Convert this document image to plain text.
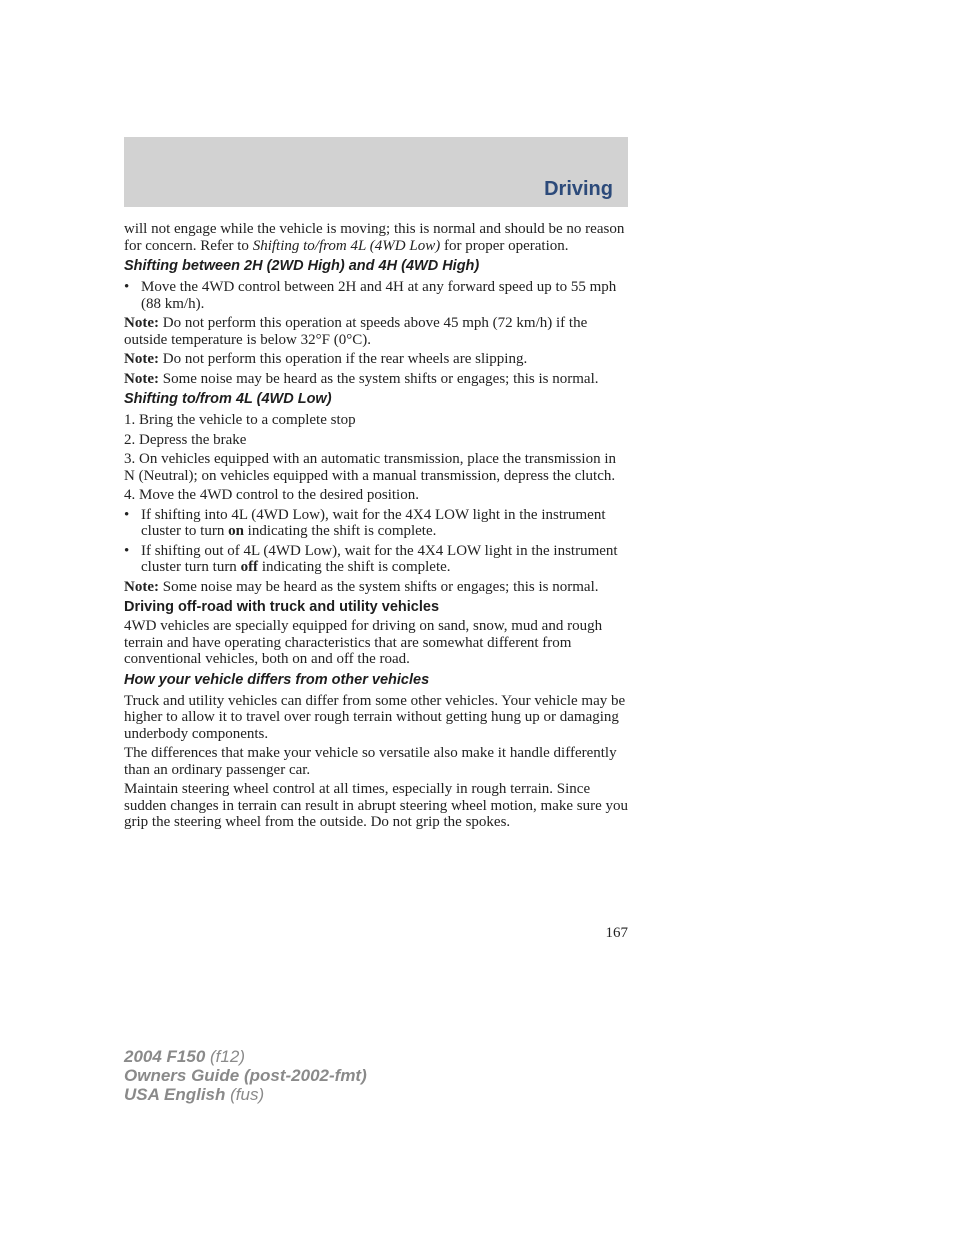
Driving

will not engage while the vehicle is moving; this is normal and should be no reason for concern. Refer to Shifting to/from 4L (4WD Low) for proper operation.

Shifting between 2H (2WD High) and 4H (4WD High)
• Move the 4WD control between 2H and 4H at any forward speed up to 55 mph (88 km/h).

Note: Do not perform this operation at speeds above 45 mph (72 km/h) if the outside temperature is below 32°F (0°C).

Note: Do not perform this operation if the rear wheels are slipping.

Note: Some noise may be heard as the system shifts or engages; this is normal.

Shifting to/from 4L (4WD Low)

1. Bring the vehicle to a complete stop

2. Depress the brake

3. On vehicles equipped with an automatic transmission, place the transmission in N (Neutral); on vehicles equipped with a manual transmission, depress the clutch.

4. Move the 4WD control to the desired position.

• If shifting into 4L (4WD Low), wait for the 4X4 LOW light in the instrument cluster to turn on indicating the shift is complete.
• If shifting out of 4L (4WD Low), wait for the 4X4 LOW light in the instrument cluster turn turn off indicating the shift is complete.

Note: Some noise may be heard as the system shifts or engages; this is normal.

Driving off-road with truck and utility vehicles

4WD vehicles are specially equipped for driving on sand, snow, mud and rough terrain and have operating characteristics that are somewhat different from conventional vehicles, both on and off the road.

How your vehicle differs from other vehicles

Truck and utility vehicles can differ from some other vehicles. Your vehicle may be higher to allow it to travel over rough terrain without getting hung up or damaging underbody components.

The differences that make your vehicle so versatile also make it handle differently than an ordinary passenger car.

Maintain steering wheel control at all times, especially in rough terrain. Since sudden changes in terrain can result in abrupt steering wheel motion, make sure you grip the steering wheel from the outside. Do not grip the spokes.

167
2004 F150 (f12)
Owners Guide (post-2002-fmt)
USA English (fus)
